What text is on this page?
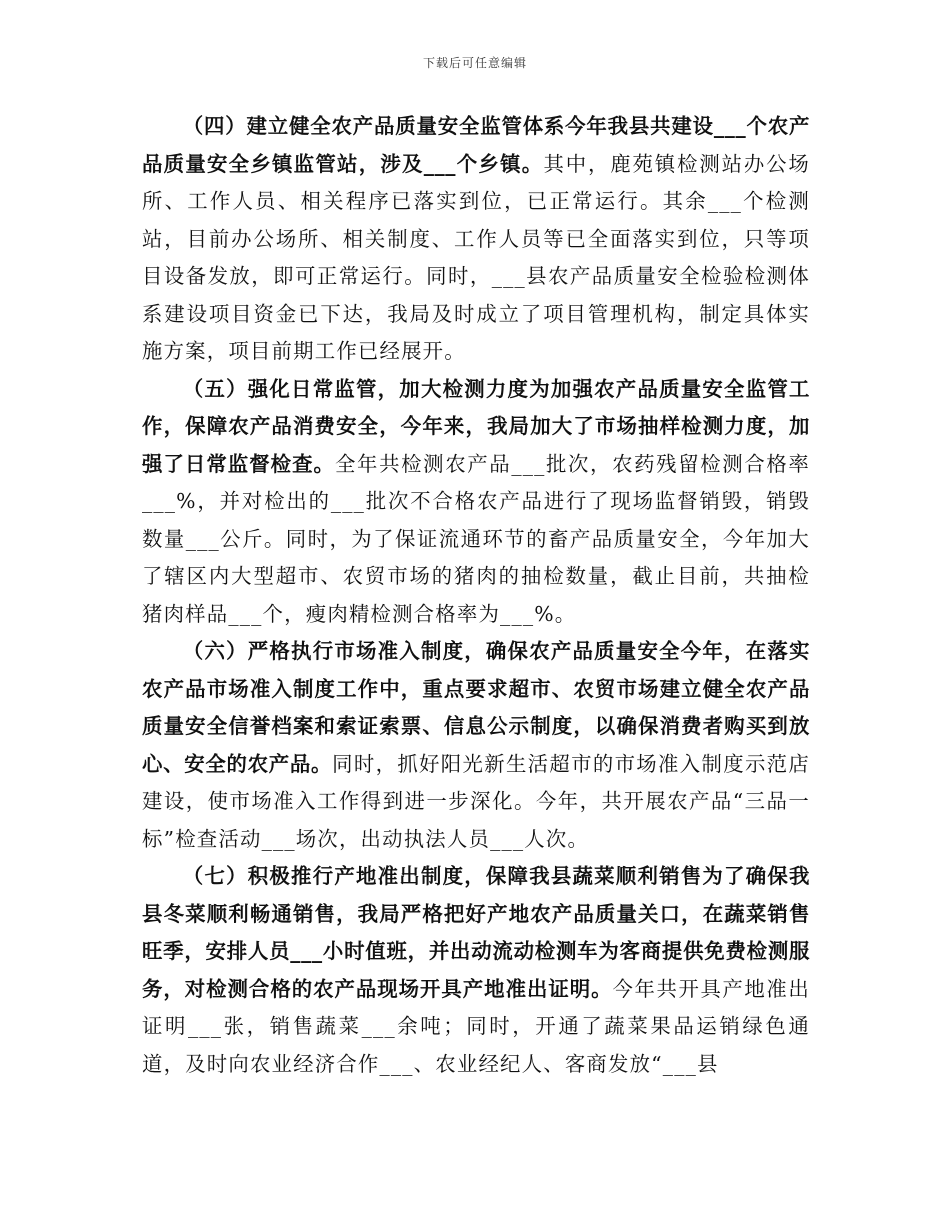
下载后可任意编辑

（四）建立健全农产品质量安全监管体系今年我县共建设___个农产品质量安全乡镇监管站，涉及___个乡镇。其中，鹿苑镇检测站办公场所、工作人员、相关程序已落实到位，已正常运行。其余___个检测站，目前办公场所、相关制度、工作人员等已全面落实到位，只等项目设备发放，即可正常运行。同时，___县农产品质量安全检验检测体系建设项目资金已下达，我局及时成立了项目管理机构，制定具体实施方案，项目前期工作已经展开。

（五）强化日常监管，加大检测力度为加强农产品质量安全监管工作，保障农产品消费安全，今年来，我局加大了市场抽样检测力度，加强了日常监督检查。全年共检测农产品___批次，农药残留检测合格率___%，并对检出的___批次不合格农产品进行了现场监督销毁，销毁数量___公斤。同时，为了保证流通环节的畜产品质量安全，今年加大了辖区内大型超市、农贸市场的猪肉的抽检数量，截止目前，共抽检猪肉样品___个，瘦肉精检测合格率为___%。

（六）严格执行市场准入制度，确保农产品质量安全今年，在落实农产品市场准入制度工作中，重点要求超市、农贸市场建立健全农产品质量安全信誉档案和索证索票、信息公示制度，以确保消费者购买到放心、安全的农产品。同时，抓好阳光新生活超市的市场准入制度示范店建设，使市场准入工作得到进一步深化。今年，共开展农产品“三品一标”检查活动___场次，出动执法人员___人次。

（七）积极推行产地准出制度，保障我县蔬菜顺利销售为了确保我县冬菜顺利畅通销售，我局严格把好产地农产品质量关口，在蔬菜销售旺季，安排人员___小时值班，并出动流动检测车为客商提供免费检测服务，对检测合格的农产品现场开具产地准出证明。今年共开具产地准出证明___张，销售蔬菜___余吨；同时，开通了蔬菜果品运销绿色通道，及时向农业经济合作___、农业经纪人、客商发放“___县
